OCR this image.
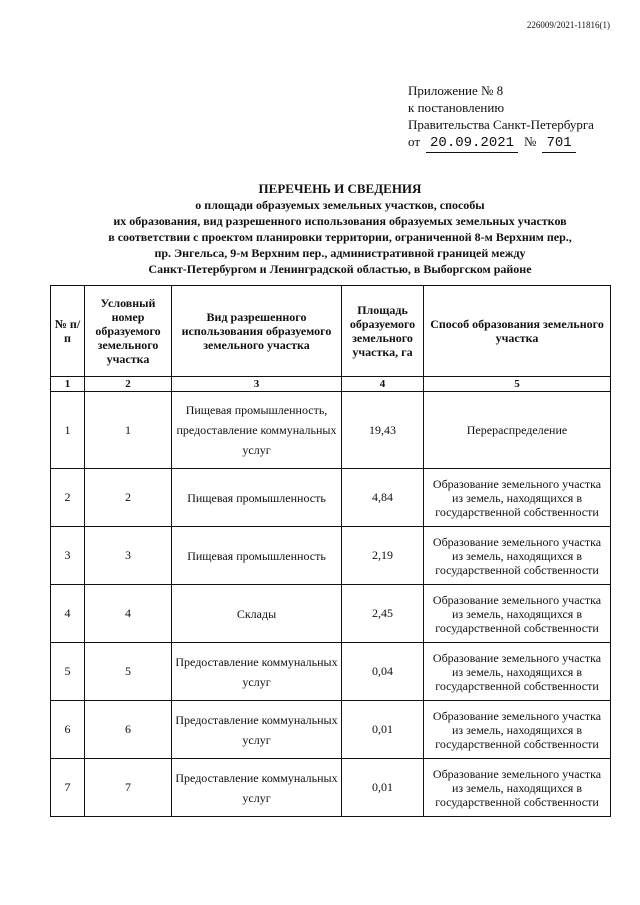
226009/2021-11816(1)
Приложение № 8
к постановлению
Правительства Санкт-Петербурга
от 20.09.2021 № 701
ПЕРЕЧЕНЬ И СВЕДЕНИЯ
о площади образуемых земельных участков, способы
их образования, вид разрешенного использования образуемых земельных участков
в соответствии с проектом планировки территории, ограниченной 8-м Верхним пер.,
пр. Энгельса, 9-м Верхним пер., административной границей между
Санкт-Петербургом и Ленинградской областью, в Выборгском районе
№ п/п	Условный номер образуемого земельного участка	Вид разрешенного использования образуемого земельного участка	Площадь образуемого земельного участка, га	Способ образования земельного участка
1	2	3	4	5
1	1	Пищевая промышленность, предоставление коммунальных услуг	19,43	Перераспределение
2	2	Пищевая промышленность	4,84	Образование земельного участка из земель, находящихся в государственной собственности
3	3	Пищевая промышленность	2,19	Образование земельного участка из земель, находящихся в государственной собственности
4	4	Склады	2,45	Образование земельного участка из земель, находящихся в государственной собственности
5	5	Предоставление коммунальных услуг	0,04	Образование земельного участка из земель, находящихся в государственной собственности
6	6	Предоставление коммунальных услуг	0,01	Образование земельного участка из земель, находящихся в государственной собственности
7	7	Предоставление коммунальных услуг	0,01	Образование земельного участка из земель, находящихся в государственной собственности
